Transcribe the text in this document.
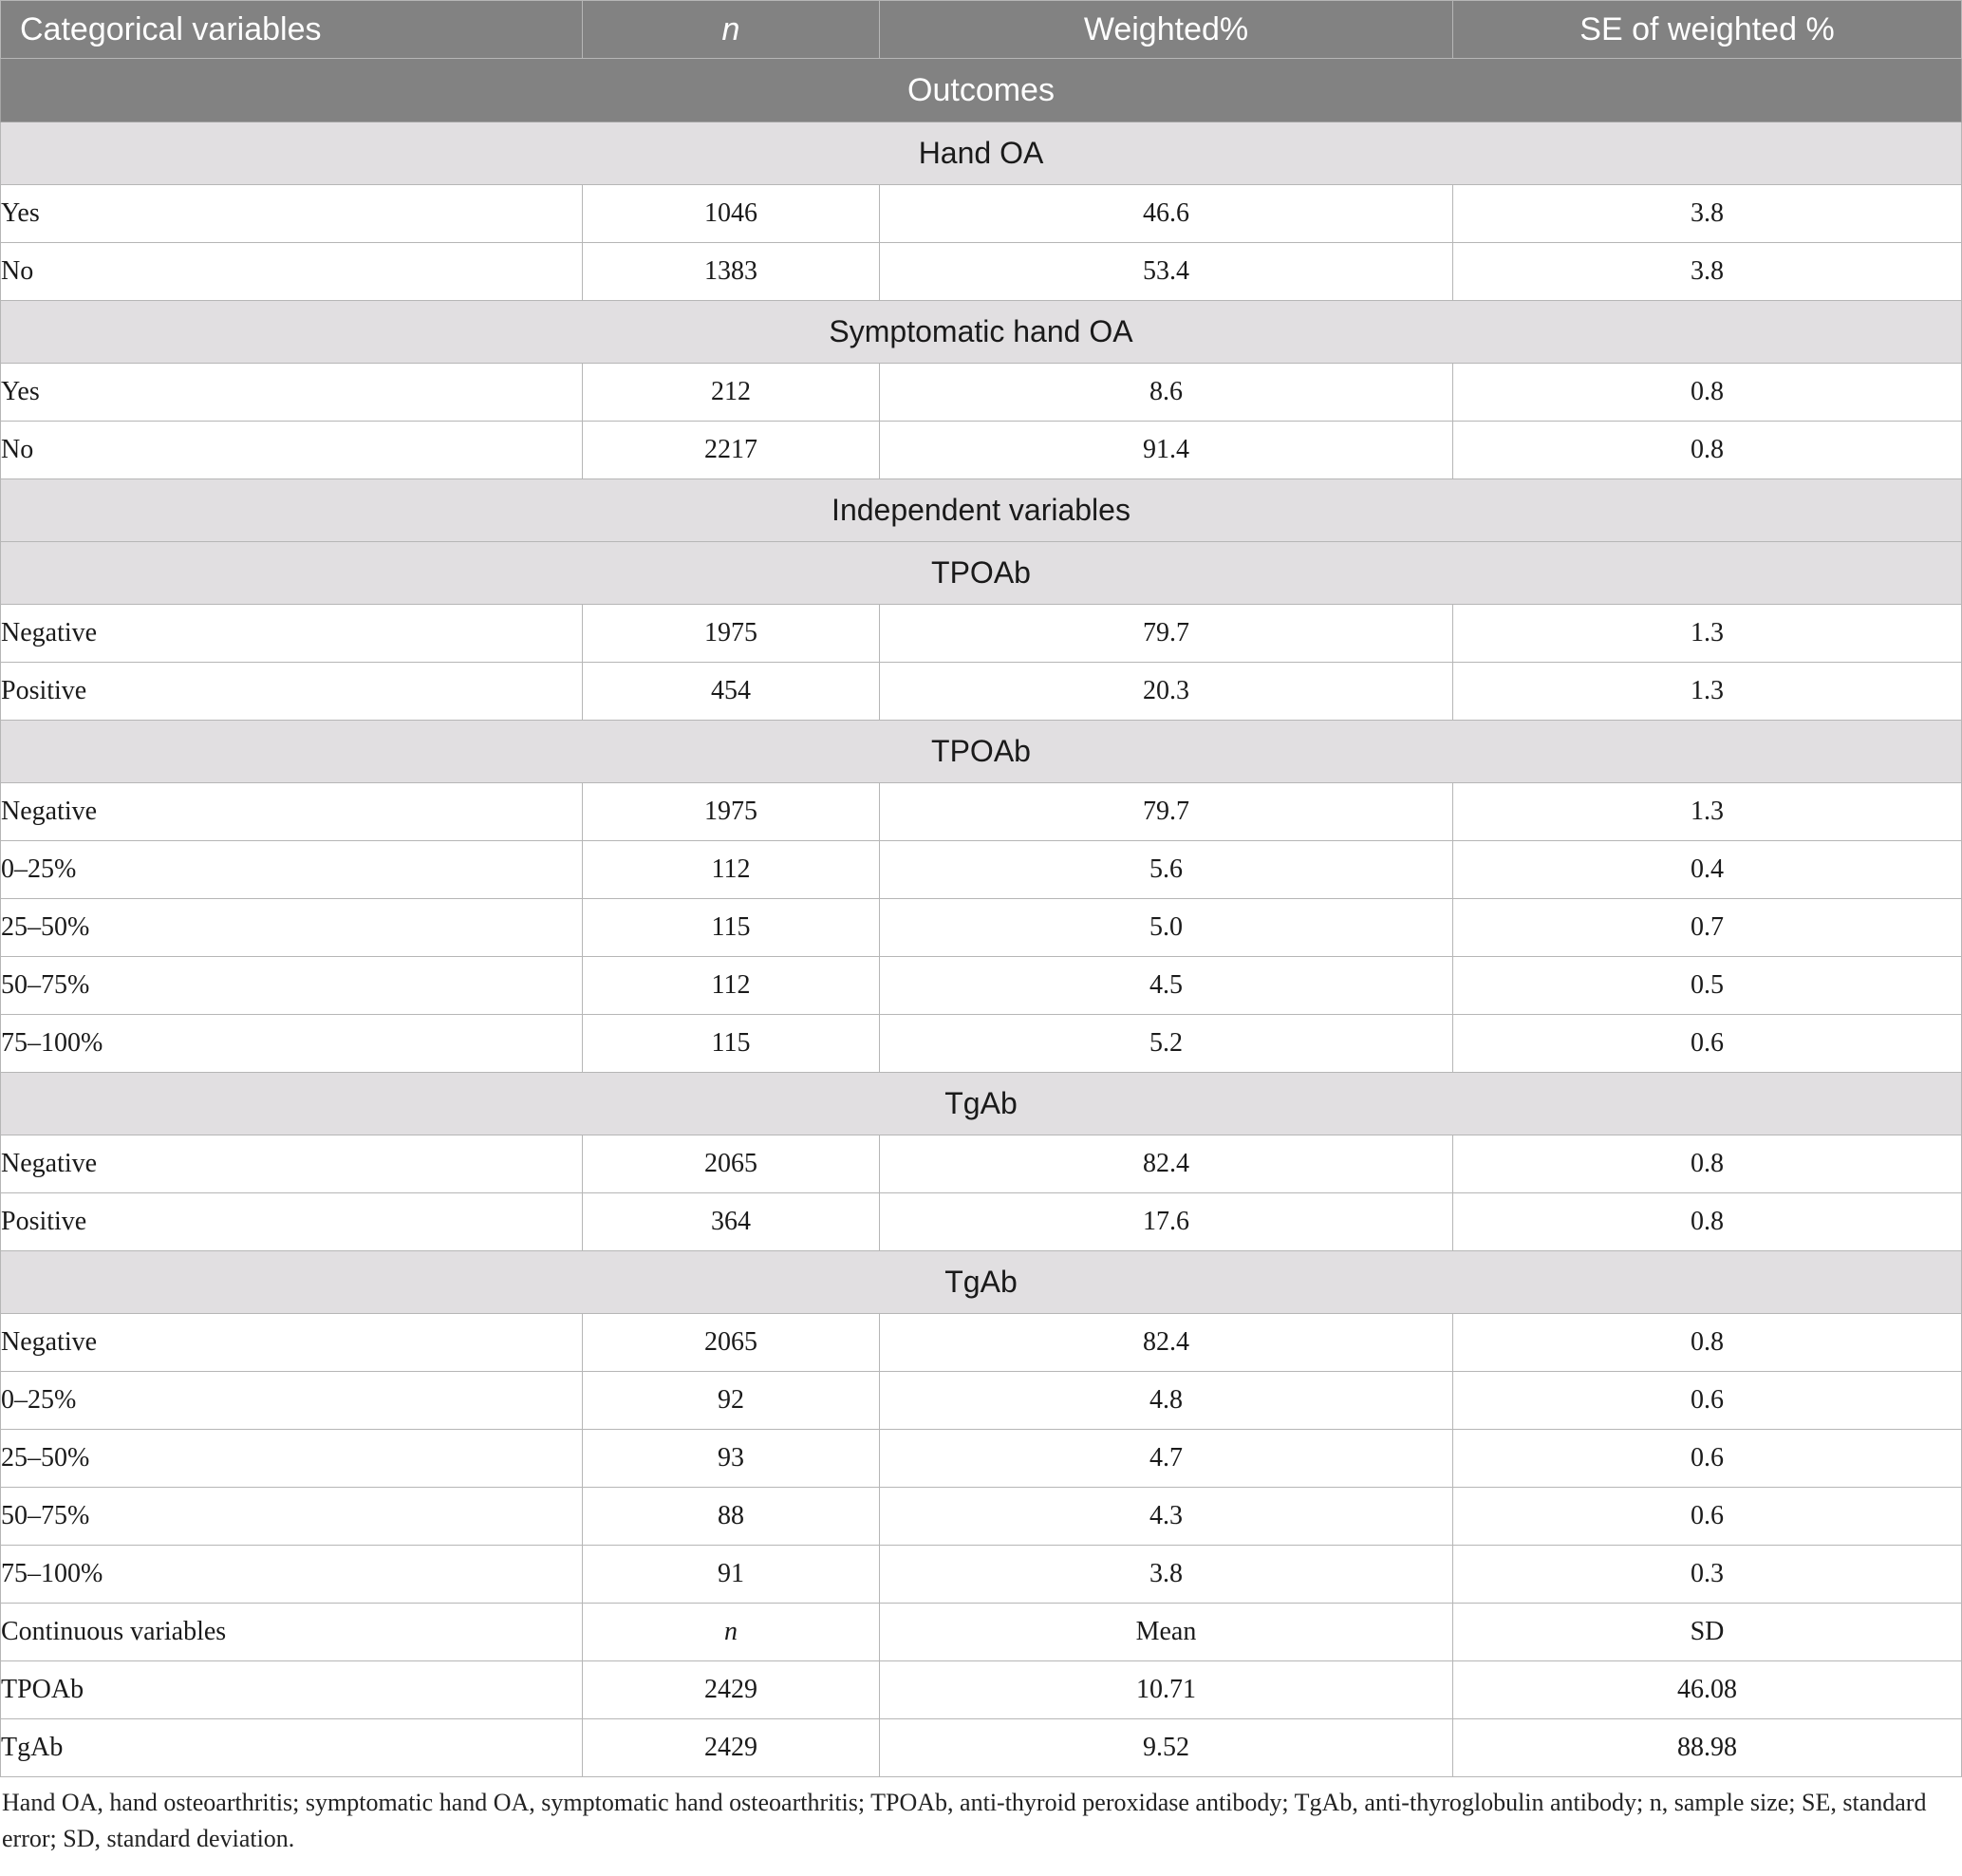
Categorical variables	n	Weighted%	SE of weighted %
Outcomes			
Hand OA			
Yes	1046	46.6	3.8
No	1383	53.4	3.8
Symptomatic hand OA			
Yes	212	8.6	0.8
No	2217	91.4	0.8
Independent variables			
TPOAb			
Negative	1975	79.7	1.3
Positive	454	20.3	1.3
TPOAb			
Negative	1975	79.7	1.3
0–25%	112	5.6	0.4
25–50%	115	5.0	0.7
50–75%	112	4.5	0.5
75–100%	115	5.2	0.6
TgAb			
Negative	2065	82.4	0.8
Positive	364	17.6	0.8
TgAb			
Negative	2065	82.4	0.8
0–25%	92	4.8	0.6
25–50%	93	4.7	0.6
50–75%	88	4.3	0.6
75–100%	91	3.8	0.3
Continuous variables	n	Mean	SD
TPOAb	2429	10.71	46.08
TgAb	2429	9.52	88.98
Hand OA, hand osteoarthritis; symptomatic hand OA, symptomatic hand osteoarthritis; TPOAb, anti-thyroid peroxidase antibody; TgAb, anti-thyroglobulin antibody; n, sample size; SE, standard error; SD, standard deviation.
